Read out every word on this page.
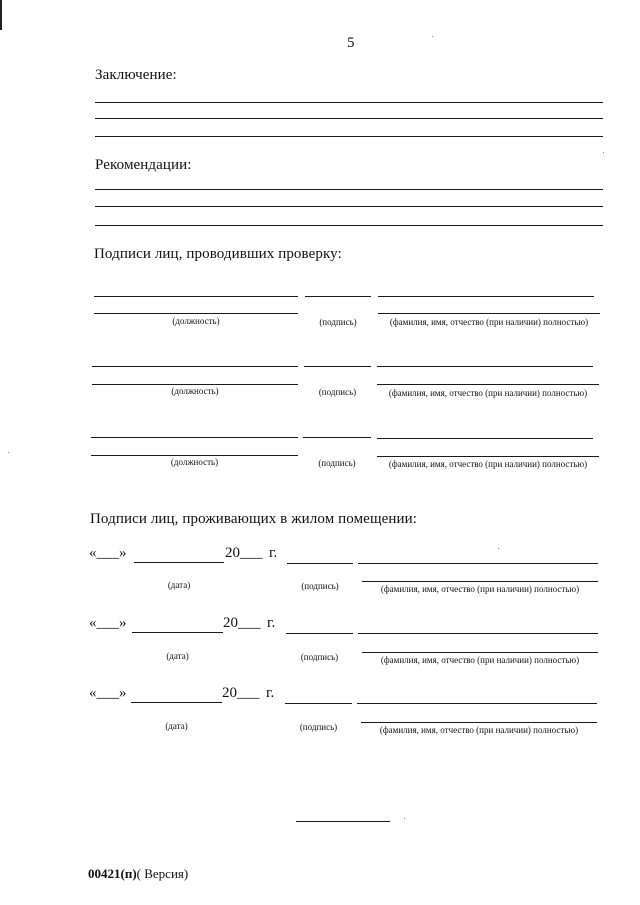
5
Заключение:
Рекомендации:
Подписи лиц, проводивших проверку:
(должность)	(подпись)	(фамилия, имя, отчество (при наличии) полностью)
(должность)	(подпись)	(фамилия, имя, отчество (при наличии) полностью)
(должность)	(подпись)	(фамилия, имя, отчество (при наличии) полностью)
Подписи лиц, проживающих в жилом помещении:
«___»	20___ г.
(дата)	(подпись)	(фамилия, имя, отчество (при наличии) полностью)
«___»	20___ г.
(дата)	(подпись)	(фамилия, имя, отчество (при наличии) полностью)
«___»	20___ г.
(дата)	(подпись)	(фамилия, имя, отчество (при наличии) полностью)
00421(п)( Версия)
